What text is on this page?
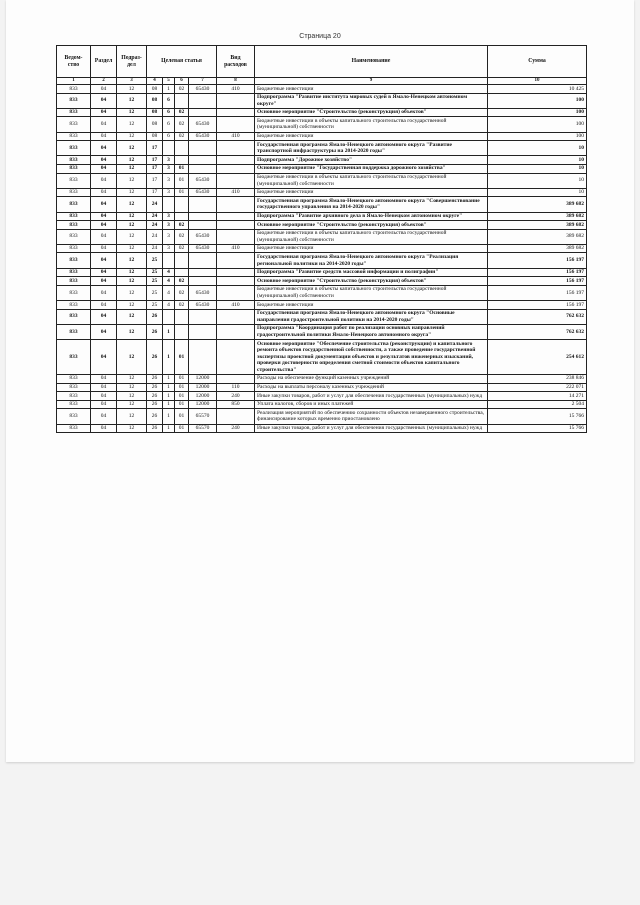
Страница 20
Ведом-ство	Раздел	Подраз-дел	Целевая статья				Вид расходов	Наименование	Сумма
1	2	3	4	5	6	7	8	9	10
833	04	12	08	1	02	65430	410	Бюджетные инвестиции	10 425
833	04	12	08	6				Подпрограмма "Развитие института мировых судей в Ямало-Ненецком автономном округе"	100
833	04	12	08	6	02			Основное мероприятие "Строительство (реконструкция) объектов"	100
833	04	12	08	6	02	65430		Бюджетные инвестиции в объекты капитального строительства государственной (муниципальной) собственности	100
833	04	12	08	6	02	65430	410	Бюджетные инвестиции	100
833	04	12	17					Государственная программа Ямало-Ненецкого автономного округа "Развитие транспортной инфраструктуры на 2014-2020 годы"	10
833	04	12	17	3				Подпрограмма "Дорожное хозяйство"	10
833	04	12	17	3	01			Основное мероприятие "Государственная поддержка дорожного хозяйства"	10
833	04	12	17	3	01	65430		Бюджетные инвестиции в объекты капитального строительства государственной (муниципальной) собственности	10
833	04	12	17	3	01	65430	410	Бюджетные инвестиции	10
833	04	12	24					Государственная программа Ямало-Ненецкого автономного округа "Совершенствование государственного управления на 2014-2020 годы"	389 682
833	04	12	24	3				Подпрограмма "Развитие архивного дела в Ямало-Ненецком автономном округе"	389 682
833	04	12	24	3	02			Основное мероприятие "Строительство (реконструкция) объектов"	389 682
833	04	12	24	3	02	65430		Бюджетные инвестиции в объекты капитального строительства государственной (муниципальной) собственности	389 682
833	04	12	24	3	02	65430	410	Бюджетные инвестиции	389 682
833	04	12	25					Государственная программа Ямало-Ненецкого автономного округа "Реализация региональной политики на 2014-2020 годы"	156 197
833	04	12	25	4				Подпрограмма "Развитие средств массовой информации и полиграфии"	156 197
833	04	12	25	4	02			Основное мероприятие "Строительство (реконструкция) объектов"	156 197
833	04	12	25	4	02	65430		Бюджетные инвестиции в объекты капитального строительства государственной (муниципальной) собственности	156 197
833	04	12	25	4	02	65430	410	Бюджетные инвестиции	156 197
833	04	12	26					Государственная программа Ямало-Ненецкого автономного округа "Основные направления градостроительной политики на 2014-2020 годы"	762 632
833	04	12	26	1				Подпрограмма "Координация работ по реализации основных направлений градостроительной политики Ямало-Ненецкого автономного округа"	762 632
833	04	12	26	1	01			Основное мероприятие "Обеспечение строительства (реконструкции) и капитального ремонта объектов государственной собственности, а также проведение государственной экспертизы проектной документации объектов и результатов инженерных изысканий, проверки достоверности определения сметной стоимости объектов капитального строительства"	254 612
833	04	12	26	1	01	12000		Расходы на обеспечение функций казенных учреждений	238 846
833	04	12	26	1	01	12000	110	Расходы на выплаты персоналу казенных учреждений	222 071
833	04	12	26	1	01	12000	240	Иные закупки товаров, работ и услуг для обеспечения государственных (муниципальных) нужд	14 271
833	04	12	26	1	01	12000	850	Уплата налогов, сборов и иных платежей	2 504
833	04	12	26	1	01	65570		Реализация мероприятий по обеспечению сохранности объектов незавершенного строительства, финансирование которых временно приостановлено	15 766
833	04	12	26	1	01	65570	240	Иные закупки товаров, работ и услуг для обеспечения государственных (муниципальных) нужд	15 766
